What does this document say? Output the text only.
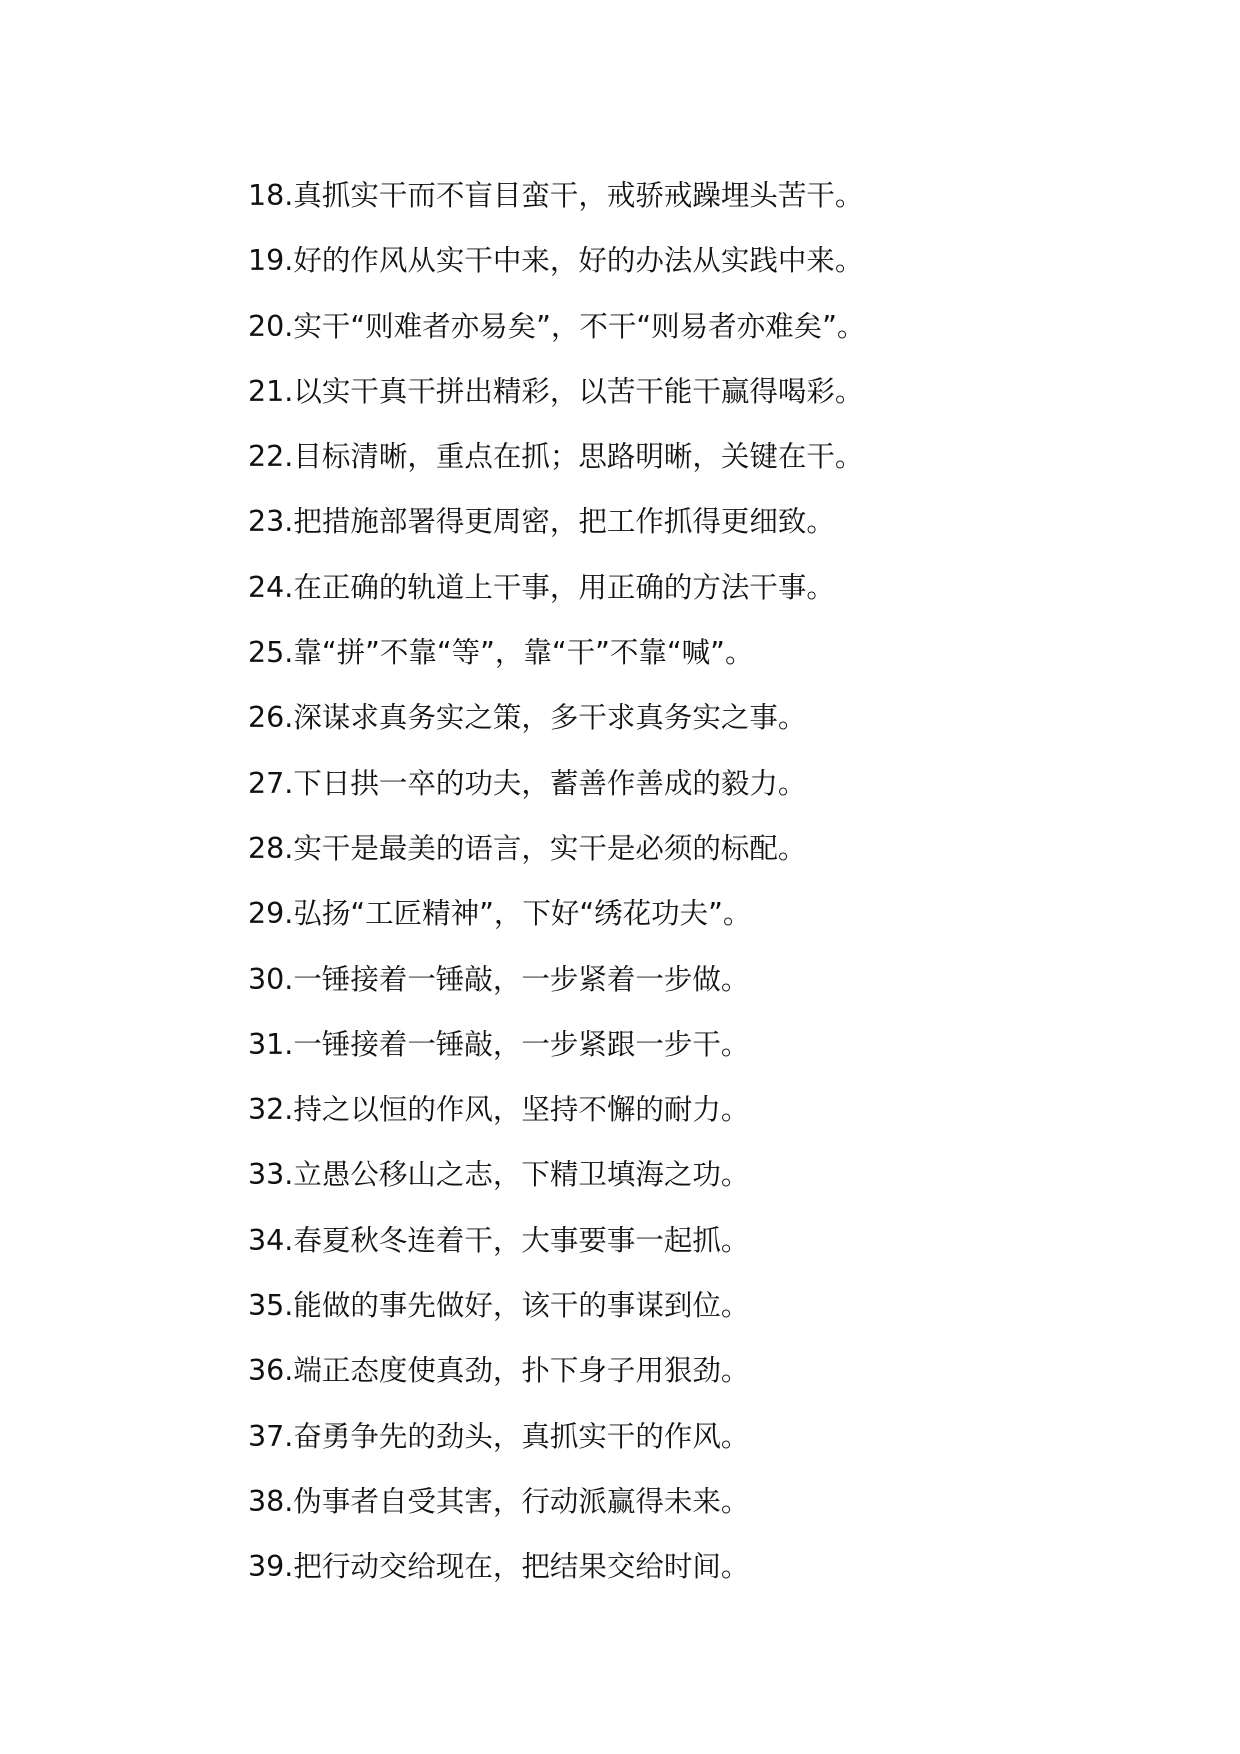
18.真抓实干而不盲目蛮干，戒骄戒躁埋头苦干。
19.好的作风从实干中来，好的办法从实践中来。
20.实干“则难者亦易矣”，不干“则易者亦难矣”。
21.以实干真干拼出精彩，以苦干能干赢得喝彩。
22.目标清晰，重点在抓；思路明晰，关键在干。
23.把措施部署得更周密，把工作抓得更细致。
24.在正确的轨道上干事，用正确的方法干事。
25.靠“拼”不靠“等”，靠“干”不靠“喊”。
26.深谋求真务实之策，多干求真务实之事。
27.下日拱一卒的功夫，蓄善作善成的毅力。
28.实干是最美的语言，实干是必须的标配。
29.弘扬“工匠精神”，下好“绣花功夫”。
30.一锤接着一锤敲，一步紧着一步做。
31.一锤接着一锤敲，一步紧跟一步干。
32.持之以恒的作风，坚持不懈的耐力。
33.立愚公移山之志，下精卫填海之功。
34.春夏秋冬连着干，大事要事一起抓。
35.能做的事先做好，该干的事谋到位。
36.端正态度使真劲，扑下身子用狠劲。
37.奋勇争先的劲头，真抓实干的作风。
38.伪事者自受其害，行动派赢得未来。
39.把行动交给现在，把结果交给时间。
